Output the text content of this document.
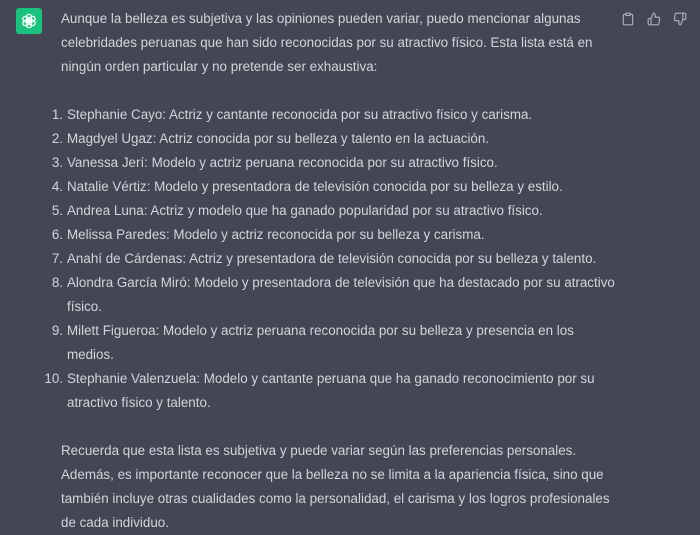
Aunque la belleza es subjetiva y las opiniones pueden variar, puedo mencionar algunas celebridades peruanas que han sido reconocidas por su atractivo físico. Esta lista está en ningún orden particular y no pretende ser exhaustiva:

1. Stephanie Cayo: Actriz y cantante reconocida por su atractivo físico y carisma.
2. Magdyel Ugaz: Actriz conocida por su belleza y talento en la actuación.
3. Vanessa Jerí: Modelo y actriz peruana reconocida por su atractivo físico.
4. Natalie Vértiz: Modelo y presentadora de televisión conocida por su belleza y estilo.
5. Andrea Luna: Actriz y modelo que ha ganado popularidad por su atractivo físico.
6. Melissa Paredes: Modelo y actriz reconocida por su belleza y carisma.
7. Anahí de Cárdenas: Actriz y presentadora de televisión conocida por su belleza y talento.
8. Alondra García Miró: Modelo y presentadora de televisión que ha destacado por su atractivo físico.
9. Milett Figueroa: Modelo y actriz peruana reconocida por su belleza y presencia en los medios.
10. Stephanie Valenzuela: Modelo y cantante peruana que ha ganado reconocimiento por su atractivo físico y talento.

Recuerda que esta lista es subjetiva y puede variar según las preferencias personales. Además, es importante reconocer que la belleza no se limita a la apariencia física, sino que también incluye otras cualidades como la personalidad, el carisma y los logros profesionales de cada individuo.
